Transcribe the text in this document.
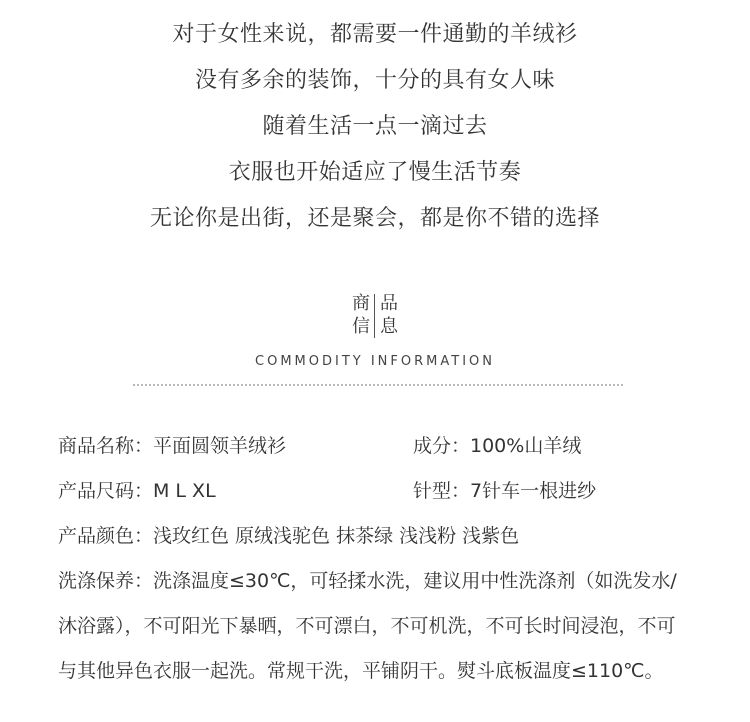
对于女性来说，都需要一件通勤的羊绒衫
没有多余的装饰，十分的具有女人味
随着生活一点一滴过去
衣服也开始适应了慢生活节奏
无论你是出街，还是聚会，都是你不错的选择
商 品
信 息
COMMODITY INFORMATION
商品名称：平面圆领羊绒衫	成分：100%山羊绒
产品尺码：M L XL	针型：7针车一根进纱
产品颜色：浅玫红色 原绒浅驼色 抹茶绿 浅浅粉 浅紫色
洗涤保养：洗涤温度≤30℃，可轻揉水洗，建议用中性洗涤剂（如洗发水/
沐浴露），不可阳光下暴晒，不可漂白，不可机洗，不可长时间浸泡，不可
与其他异色衣服一起洗。常规干洗，平铺阴干。熨斗底板温度≤110℃。
